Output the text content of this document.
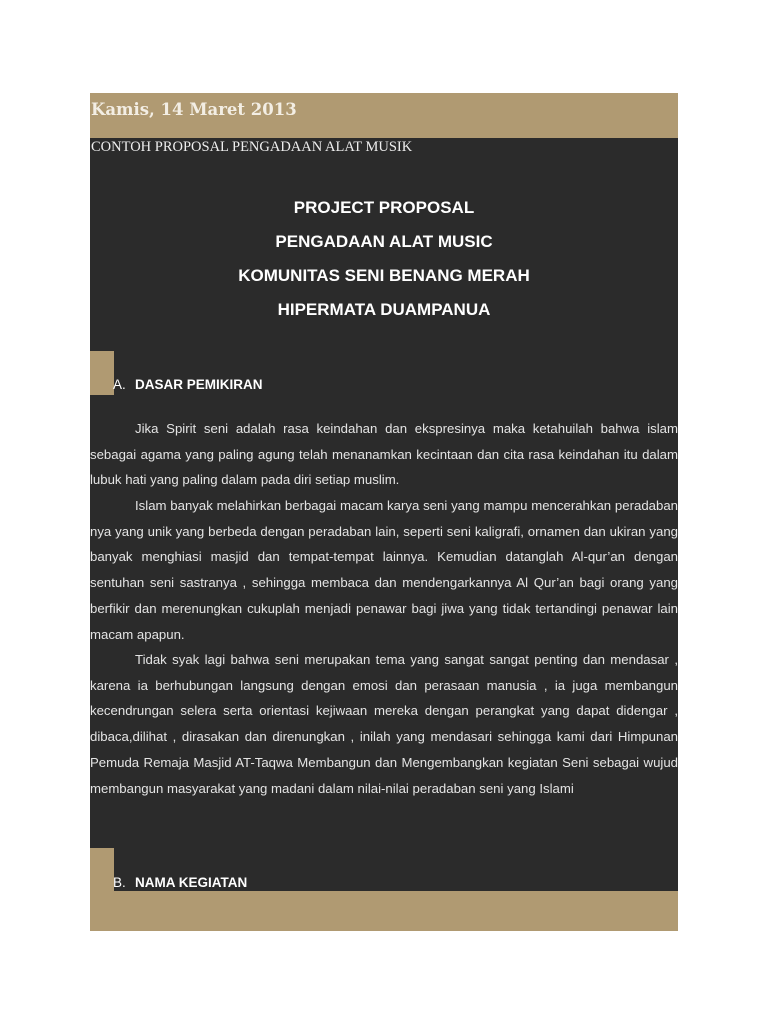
Kamis, 14 Maret 2013
CONTOH PROPOSAL PENGADAAN ALAT MUSIK
PROJECT PROPOSAL
PENGADAAN ALAT MUSIC
KOMUNITAS SENI BENANG MERAH
HIPERMATA DUAMPANUA
A. DASAR PEMIKIRAN

Jika Spirit seni adalah rasa keindahan dan ekspresinya maka ketahuilah bahwa islam sebagai agama yang paling agung telah menanamkan kecintaan dan cita rasa keindahan itu dalam lubuk hati yang paling dalam pada diri setiap muslim.

Islam banyak melahirkan berbagai macam karya seni yang mampu mencerahkan peradaban nya yang unik yang berbeda dengan peradaban lain, seperti seni kaligrafi, ornamen dan ukiran yang banyak menghiasi masjid dan tempat-tempat lainnya. Kemudian datanglah Al-qur’an dengan sentuhan seni sastranya , sehingga membaca dan mendengarkannya Al Qur’an bagi orang yang berfikir dan merenungkan cukuplah menjadi penawar bagi jiwa yang tidak tertandingi penawar lain macam apapun.

Tidak syak lagi bahwa seni merupakan tema yang sangat sangat penting dan mendasar , karena ia berhubungan langsung dengan emosi dan perasaan manusia , ia juga membangun kecendrungan selera serta orientasi kejiwaan mereka dengan perangkat yang dapat didengar , dibaca,dilihat , dirasakan dan direnungkan , inilah yang mendasari sehingga kami dari Himpunan Pemuda Remaja Masjid AT-Taqwa Membangun dan Mengembangkan kegiatan Seni sebagai wujud membangun masyarakat yang madani dalam nilai-nilai peradaban seni yang Islami

B. NAMA KEGIATAN
